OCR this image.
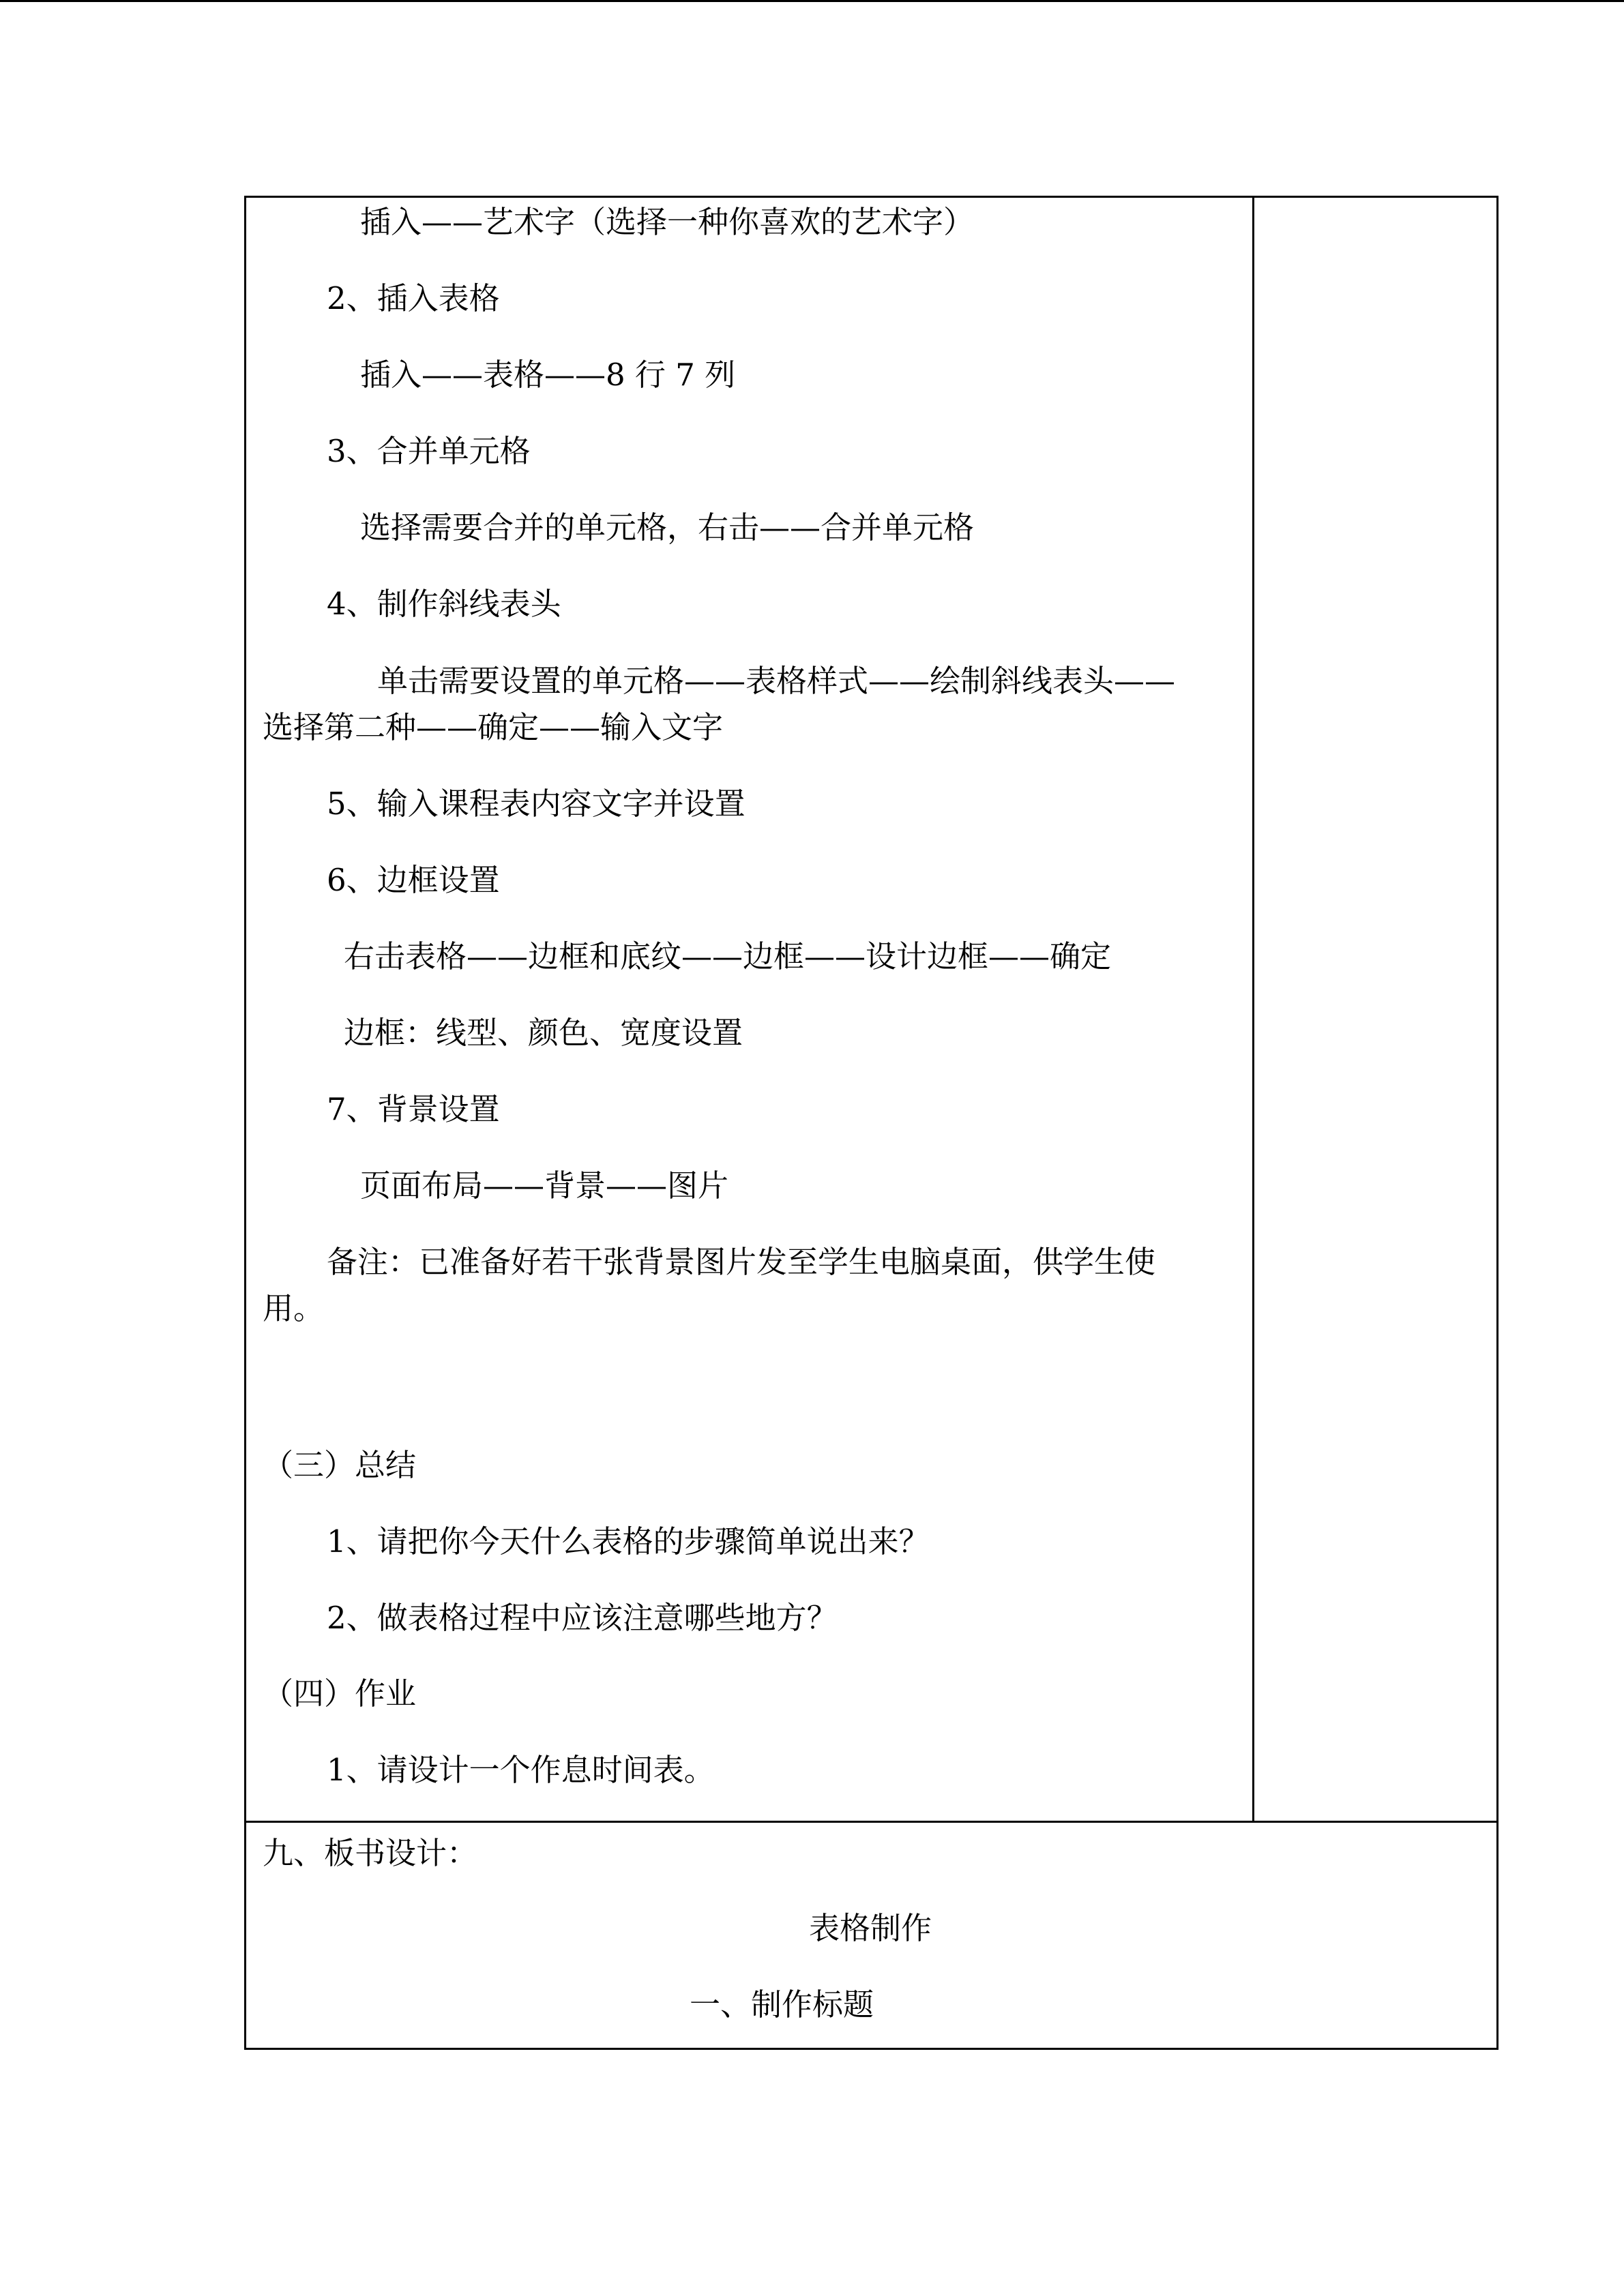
插入——艺术字（选择一种你喜欢的艺术字）
2、插入表格
插入——表格——8 行 7 列
3、合并单元格
选择需要合并的单元格，右击——合并单元格
4、制作斜线表头
单击需要设置的单元格——表格样式——绘制斜线表头——
选择第二种——确定——输入文字
5、输入课程表内容文字并设置
6、边框设置
右击表格——边框和底纹——边框——设计边框——确定
边框：线型、颜色、宽度设置
7、背景设置
页面布局——背景——图片
备注：已准备好若干张背景图片发至学生电脑桌面，供学生使
用。
（三）总结
1、请把你今天什么表格的步骤简单说出来？
2、做表格过程中应该注意哪些地方？
（四）作业
1、请设计一个作息时间表。
九、板书设计：
表格制作
一、制作标题
